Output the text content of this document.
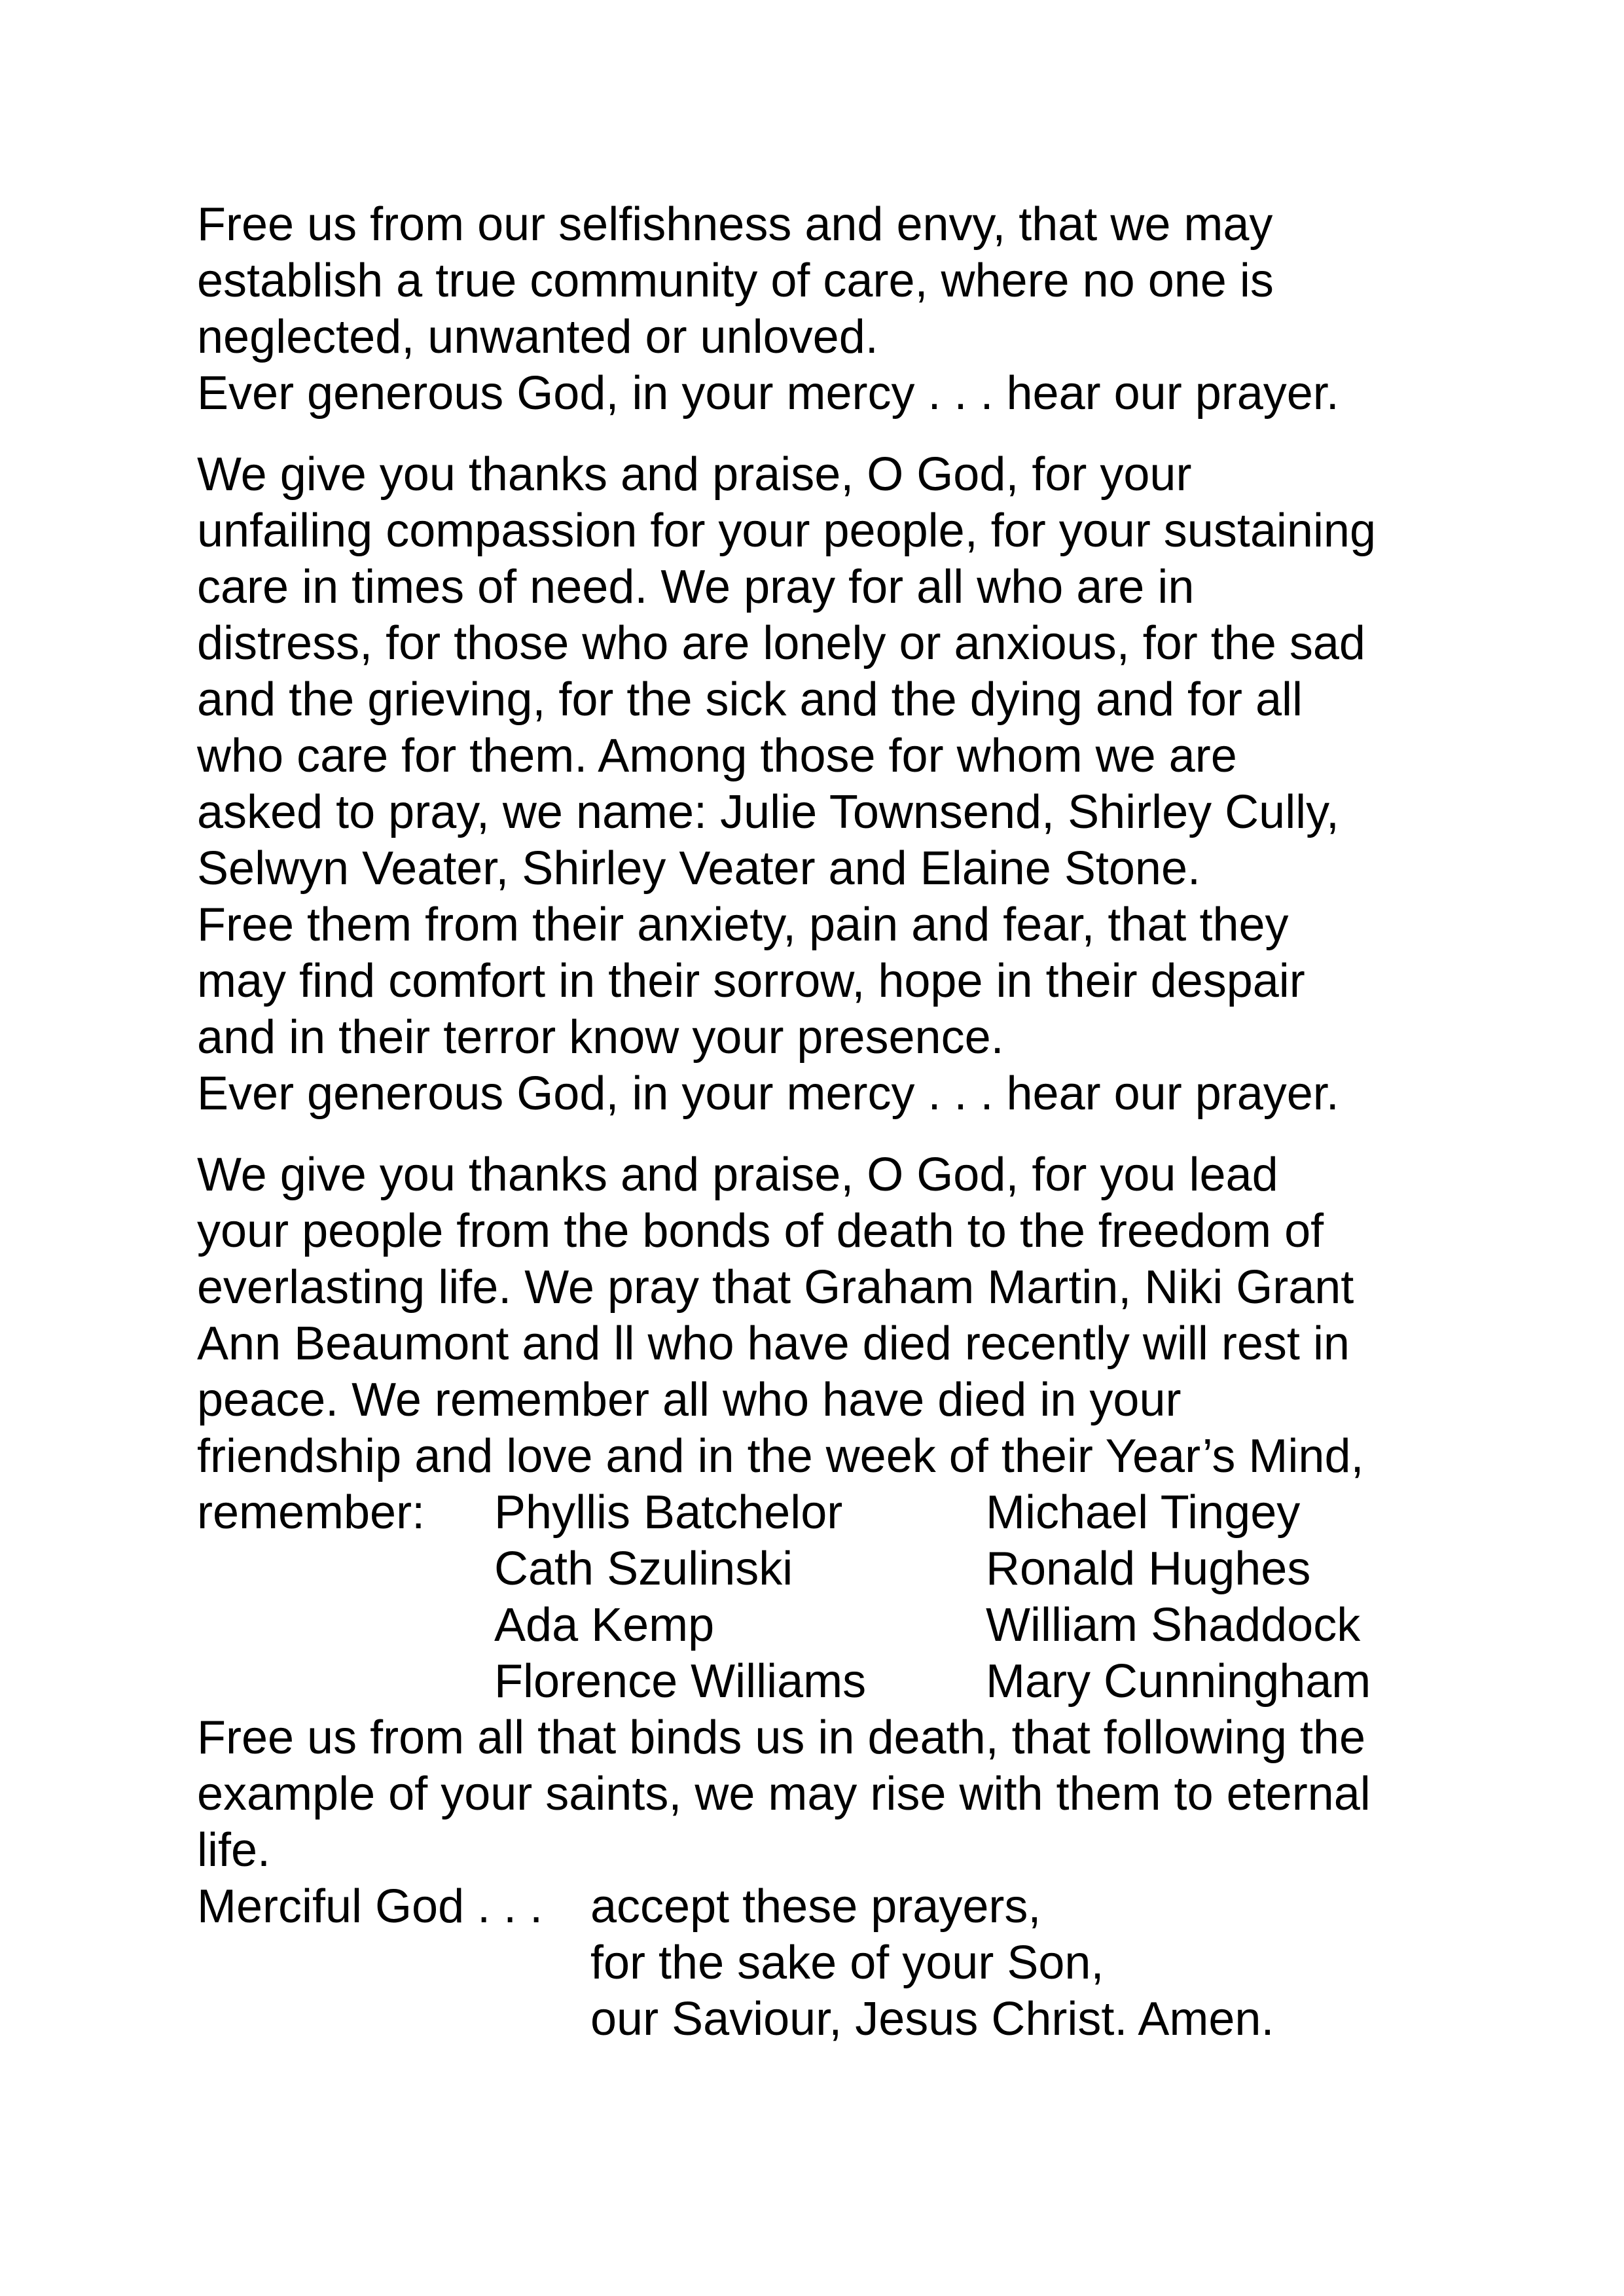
Free us from our selfishness and envy, that we may
establish a true community of care, where no one is
neglected, unwanted or unloved.
Ever generous God, in your mercy . . . hear our prayer.
We give you thanks and praise, O God, for your
unfailing compassion for your people, for your sustaining
care in times of need. We pray for all who are in
distress, for those who are lonely or anxious, for the sad
and the grieving, for the sick and the dying and for all
who care for them. Among those for whom we are
asked to pray, we name: Julie Townsend, Shirley Cully,
Selwyn Veater, Shirley Veater and Elaine Stone.
Free them from their anxiety, pain and fear, that they
may find comfort in their sorrow, hope in their despair
and in their terror know your presence.
Ever generous God, in your mercy . . . hear our prayer.
We give you thanks and praise, O God, for you lead
your people from the bonds of death to the freedom of
everlasting life. We pray that Graham Martin, Niki Grant
Ann Beaumont and ll who have died recently will rest in
peace. We remember all who have died in your
friendship and love and in the week of their Year’s Mind,
remember: Phyllis Batchelor	Michael Tingey
Cath Szulinski	Ronald Hughes
Ada Kemp	William Shaddock
Florence Williams	Mary Cunningham
Free us from all that binds us in death, that following the
example of your saints, we may rise with them to eternal
life.
Merciful God . . . accept these prayers,
for the sake of your Son,
our Saviour, Jesus Christ. Amen.
